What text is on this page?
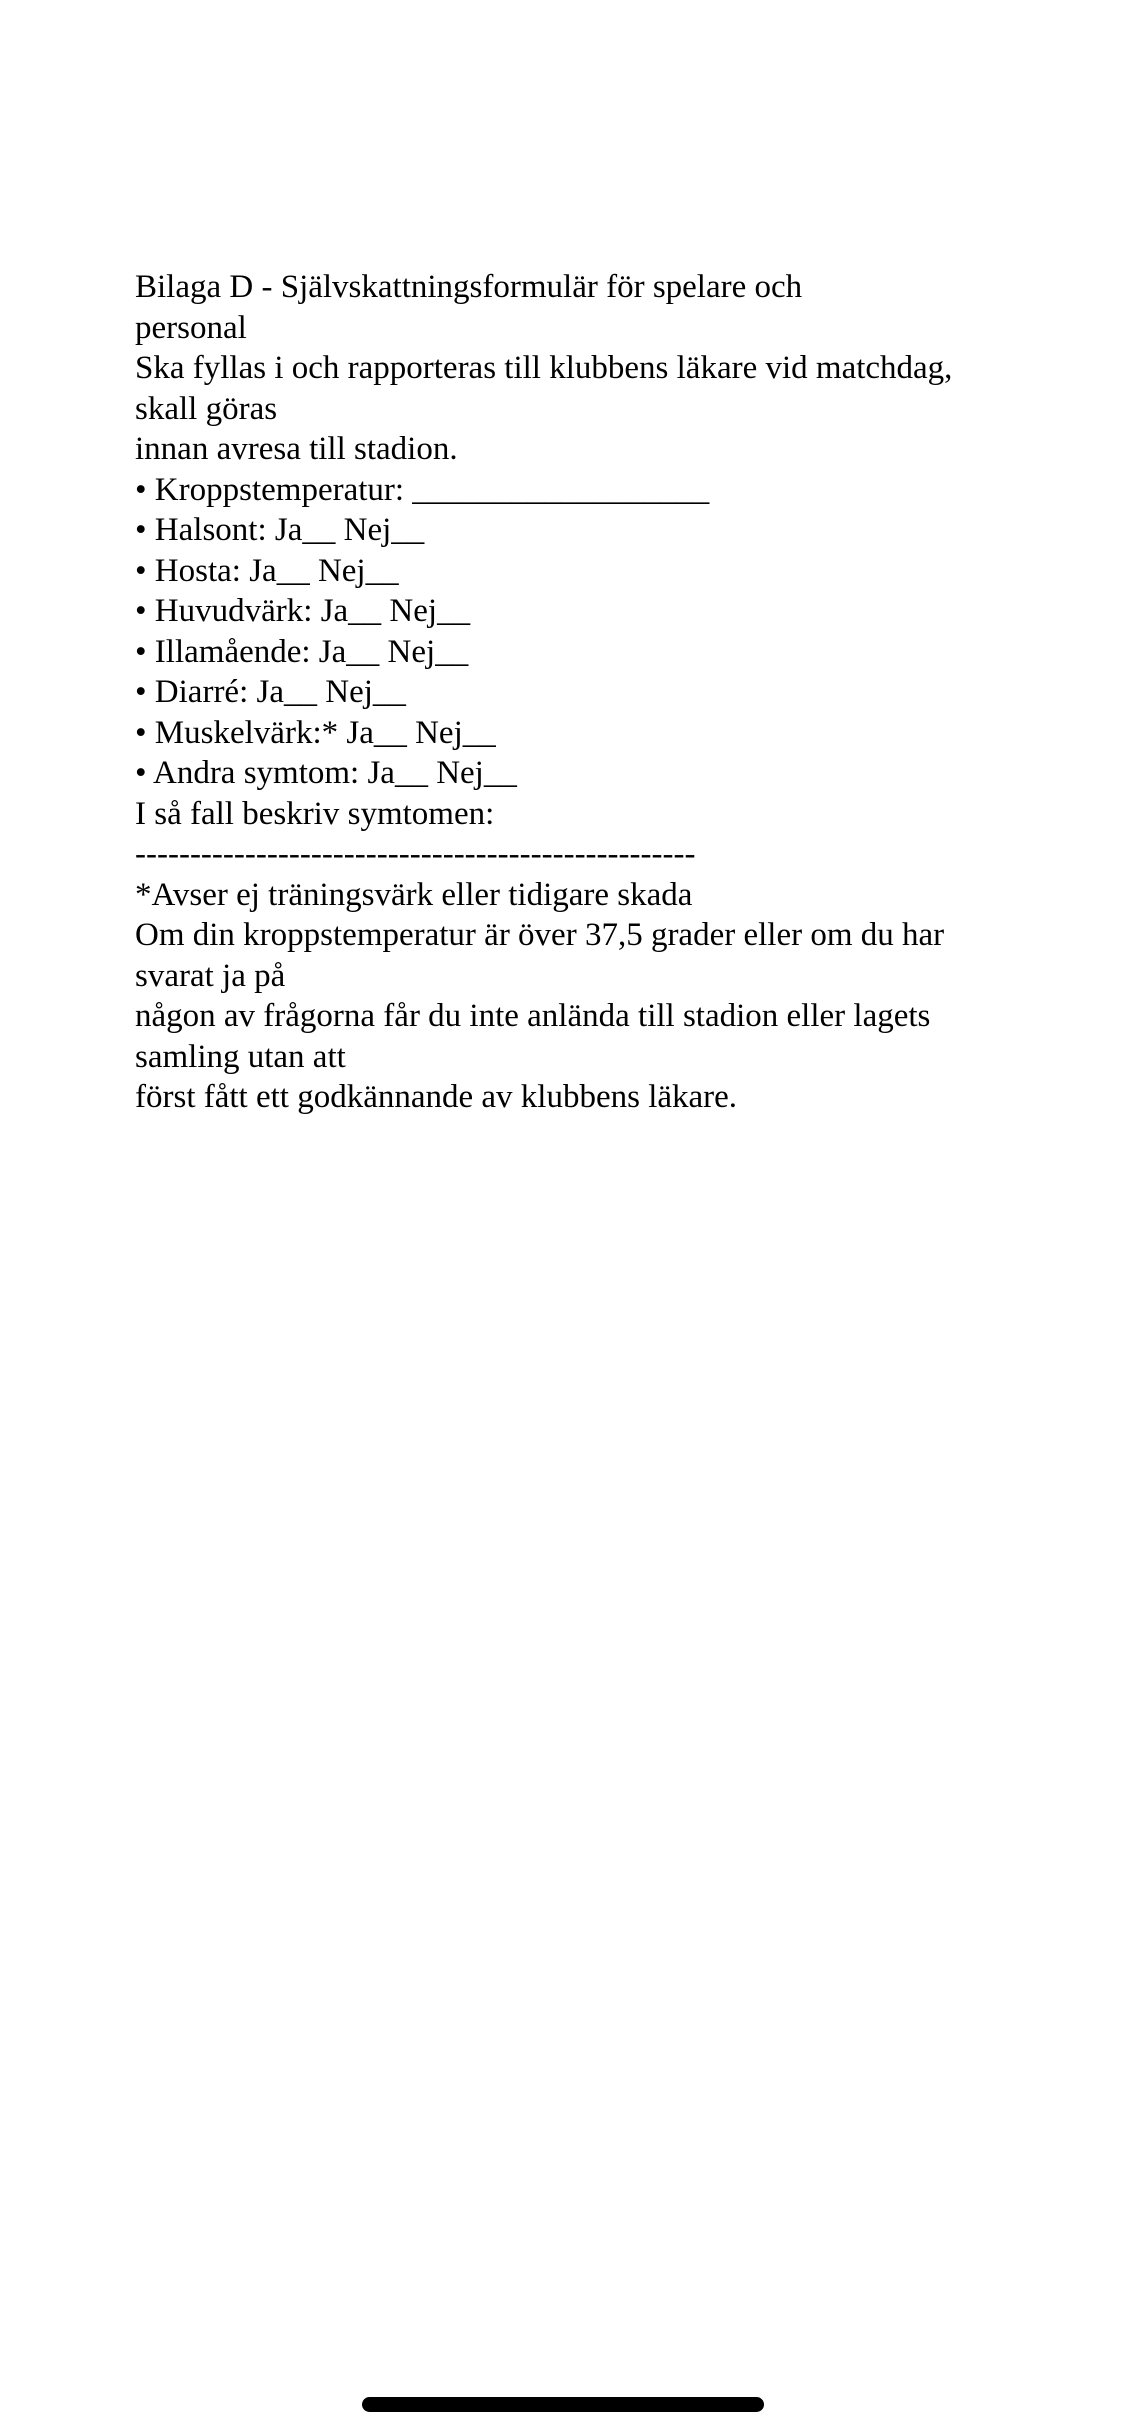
Bilaga D - Självskattningsformulär för spelare och
personal
Ska fyllas i och rapporteras till klubbens läkare vid matchdag,
skall göras
innan avresa till stadion.
• Kroppstemperatur: __________________
• Halsont: Ja__ Nej__
• Hosta: Ja__ Nej__
• Huvudvärk: Ja__ Nej__
• Illamående: Ja__ Nej__
• Diarré: Ja__ Nej__
• Muskelvärk:* Ja__ Nej__
• Andra symtom: Ja__ Nej__
I så fall beskriv symtomen:
---------------------------------------------------
*Avser ej träningsvärk eller tidigare skada
Om din kroppstemperatur är över 37,5 grader eller om du har
svarat ja på
någon av frågorna får du inte anlända till stadion eller lagets
samling utan att
först fått ett godkännande av klubbens läkare.
